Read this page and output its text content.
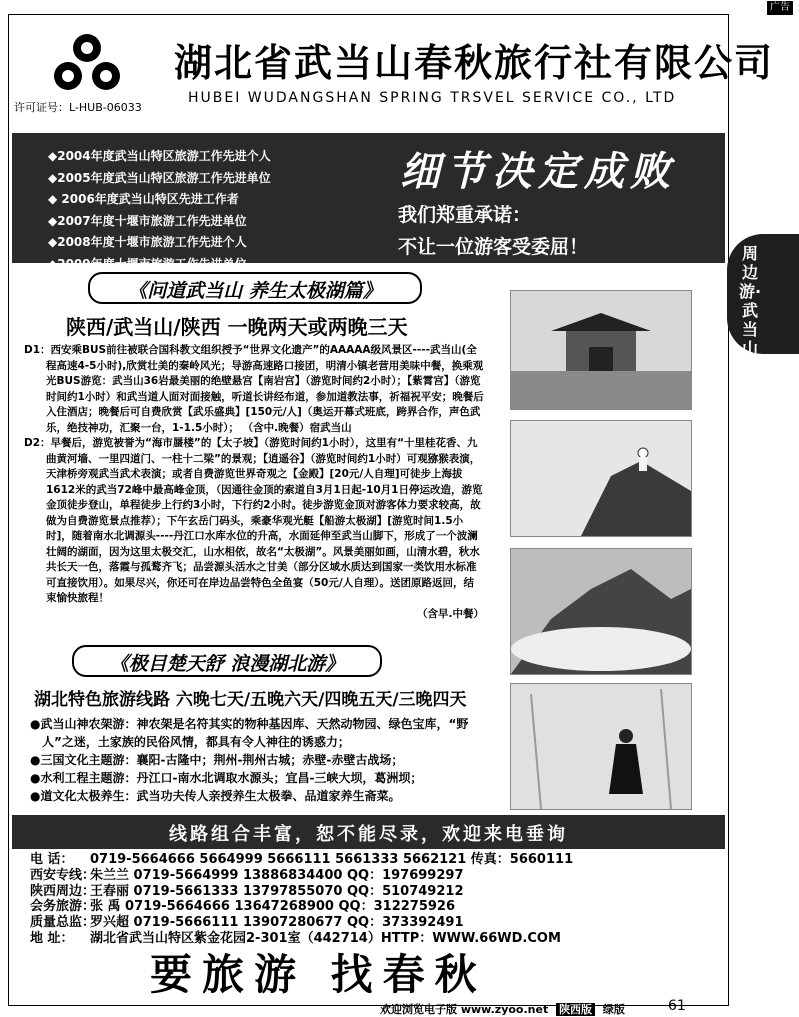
广告
许可证号：L-HUB-06033
湖北省武当山春秋旅行社有限公司
HUBEI WUDANGSHAN SPRING TRSVEL SERVICE CO., LTD
◆2004年度武当山特区旅游工作先进个人
◆2005年度武当山特区旅游工作先进单位
◆ 2006年度武当山特区先进工作者
◆2007年度十堰市旅游工作先进单位
◆2008年度十堰市旅游工作先进个人
◆2009年度十堰市旅游工作先进单位
细节决定成败
我们郑重承诺：
不让一位游客受委屈！	周边游·武当山
《问道武当山 养生太极湖篇》
陕西/武当山/陕西 一晚两天或两晚三天
D1：西安乘BUS前往被联合国科教文组织授予“世界文化遗产”的AAAAA级风景区----武当山(全程高速4-5小时),欣赏壮美的秦岭风光；导游高速路口接团，明清小镇老营用美味中餐，换乘观光BUS游览：武当山36岩最美丽的绝壁悬宫【南岩宫】（游览时间约2小时）；【紫霄宫】（游览时间约1小时）和武当道人面对面接触，听道长讲经布道，参加道教法事，祈福祝平安；晚餐后入住酒店；晚餐后可自费欣赏【武乐盛典】[150元/人]（奥运开幕式班底，跨界合作，声色武乐，绝技神功，汇聚一台，1-1.5小时）； （含中.晚餐）宿武当山
D2：早餐后，游览被誉为“海市蜃楼”的【太子坡】（游览时间约1小时），这里有“十里桂花香、九曲黄河墙、一里四道门、一柱十二梁”的景观；【逍遥谷】（游览时间约1小时）可观猕猴表演，天津桥旁观武当武术表演；或者自费游览世界奇观之【金殿】[20元/人自理]可徒步上海拔1612米的武当72峰中最高峰金顶，（因通往金顶的索道自3月1日起-10月1日停运改造，游览金顶徒步登山，单程徒步上行约3小时，下行约2小时。徒步游览金顶对游客体力要求较高，故做为自费游览景点推荐）；下午玄岳门码头，乘豪华观光艇【船游太极湖】[游览时间1.5小时]，随着南水北调源头----丹江口水库水位的升高，水面延伸至武当山脚下，形成了一个波澜壮阔的湖面，因为这里太极交汇，山水相依，故名“太极湖”。风景美丽如画，山清水碧，秋水共长天一色，落霞与孤鹜齐飞；品尝源头活水之甘美（部分区域水质达到国家一类饮用水标准可直接饮用）。如果尽兴，你还可在岸边品尝特色全鱼宴（50元/人自理）。送团原路返回，结束愉快旅程！
（含早.中餐）
《极目楚天舒 浪漫湖北游》
湖北特色旅游线路 六晚七天/五晚六天/四晚五天/三晚四天
●武当山神农架游：神农架是名符其实的物种基因库、天然动物园、绿色宝库，“野人”之迷，土家族的民俗风情，都具有令人神往的诱惑力；
●三国文化主题游：襄阳-古隆中；荆州-荆州古城；赤壁-赤壁古战场；
●水利工程主题游：丹江口-南水北调取水源头；宜昌-三峡大坝，葛洲坝；
●道文化太极养生：武当功夫传人亲授养生太极拳、品道家养生斋菜。
线路组合丰富，恕不能尽录，欢迎来电垂询
电 话： 0719-5664666 5664999 5666111 5661333 5662121 传真：5660111
西安专线：朱兰兰 0719-5664999 13886834400 QQ：197699297
陕西周边：王春丽 0719-5661333 13797855070 QQ：510749212
会务旅游：张 禹 0719-5664666 13647268900 QQ：312275926
质量总监：罗兴超 0719-5666111 13907280677 QQ：373392491
地 址： 湖北省武当山特区紫金花园2-301室（442714）HTTP：WWW.66WD.COM
要旅游 找春秋
欢迎浏览电子版 www.zyoo.net 陕西版 绿版	61
